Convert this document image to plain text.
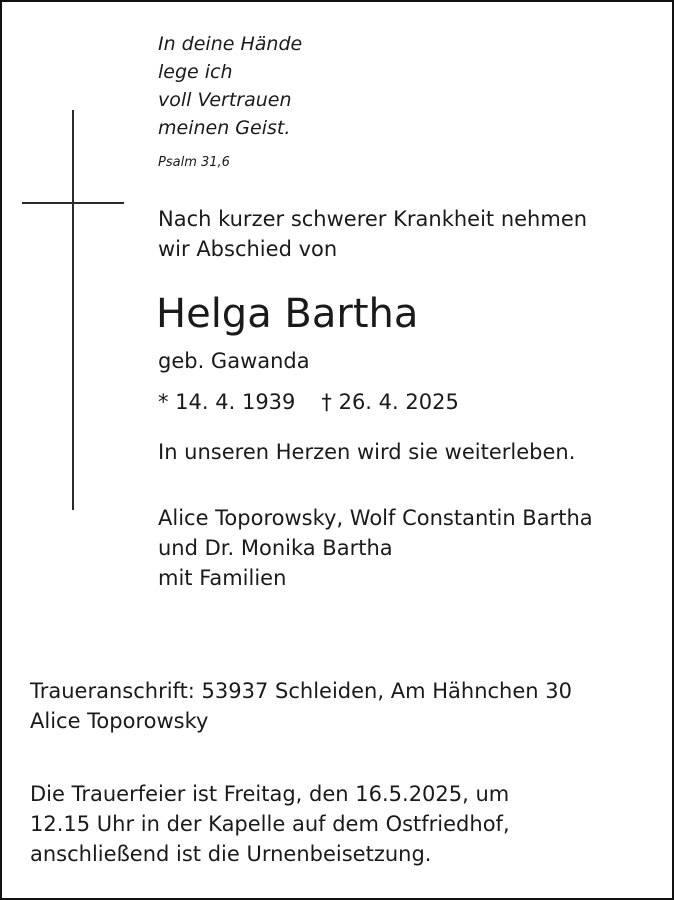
In deine Hände
lege ich
voll Vertrauen
meinen Geist.
Psalm 31,6
Nach kurzer schwerer Krankheit nehmen
wir Abschied von
Helga Bartha
geb. Gawanda
* 14. 4. 1939 † 26. 4. 2025
In unseren Herzen wird sie weiterleben.
Alice Toporowsky, Wolf Constantin Bartha
und Dr. Monika Bartha
mit Familien
Traueranschrift: 53937 Schleiden, Am Hähnchen 30
Alice Toporowsky
Die Trauerfeier ist Freitag, den 16.5.2025, um
12.15 Uhr in der Kapelle auf dem Ostfriedhof,
anschließend ist die Urnenbeisetzung.
